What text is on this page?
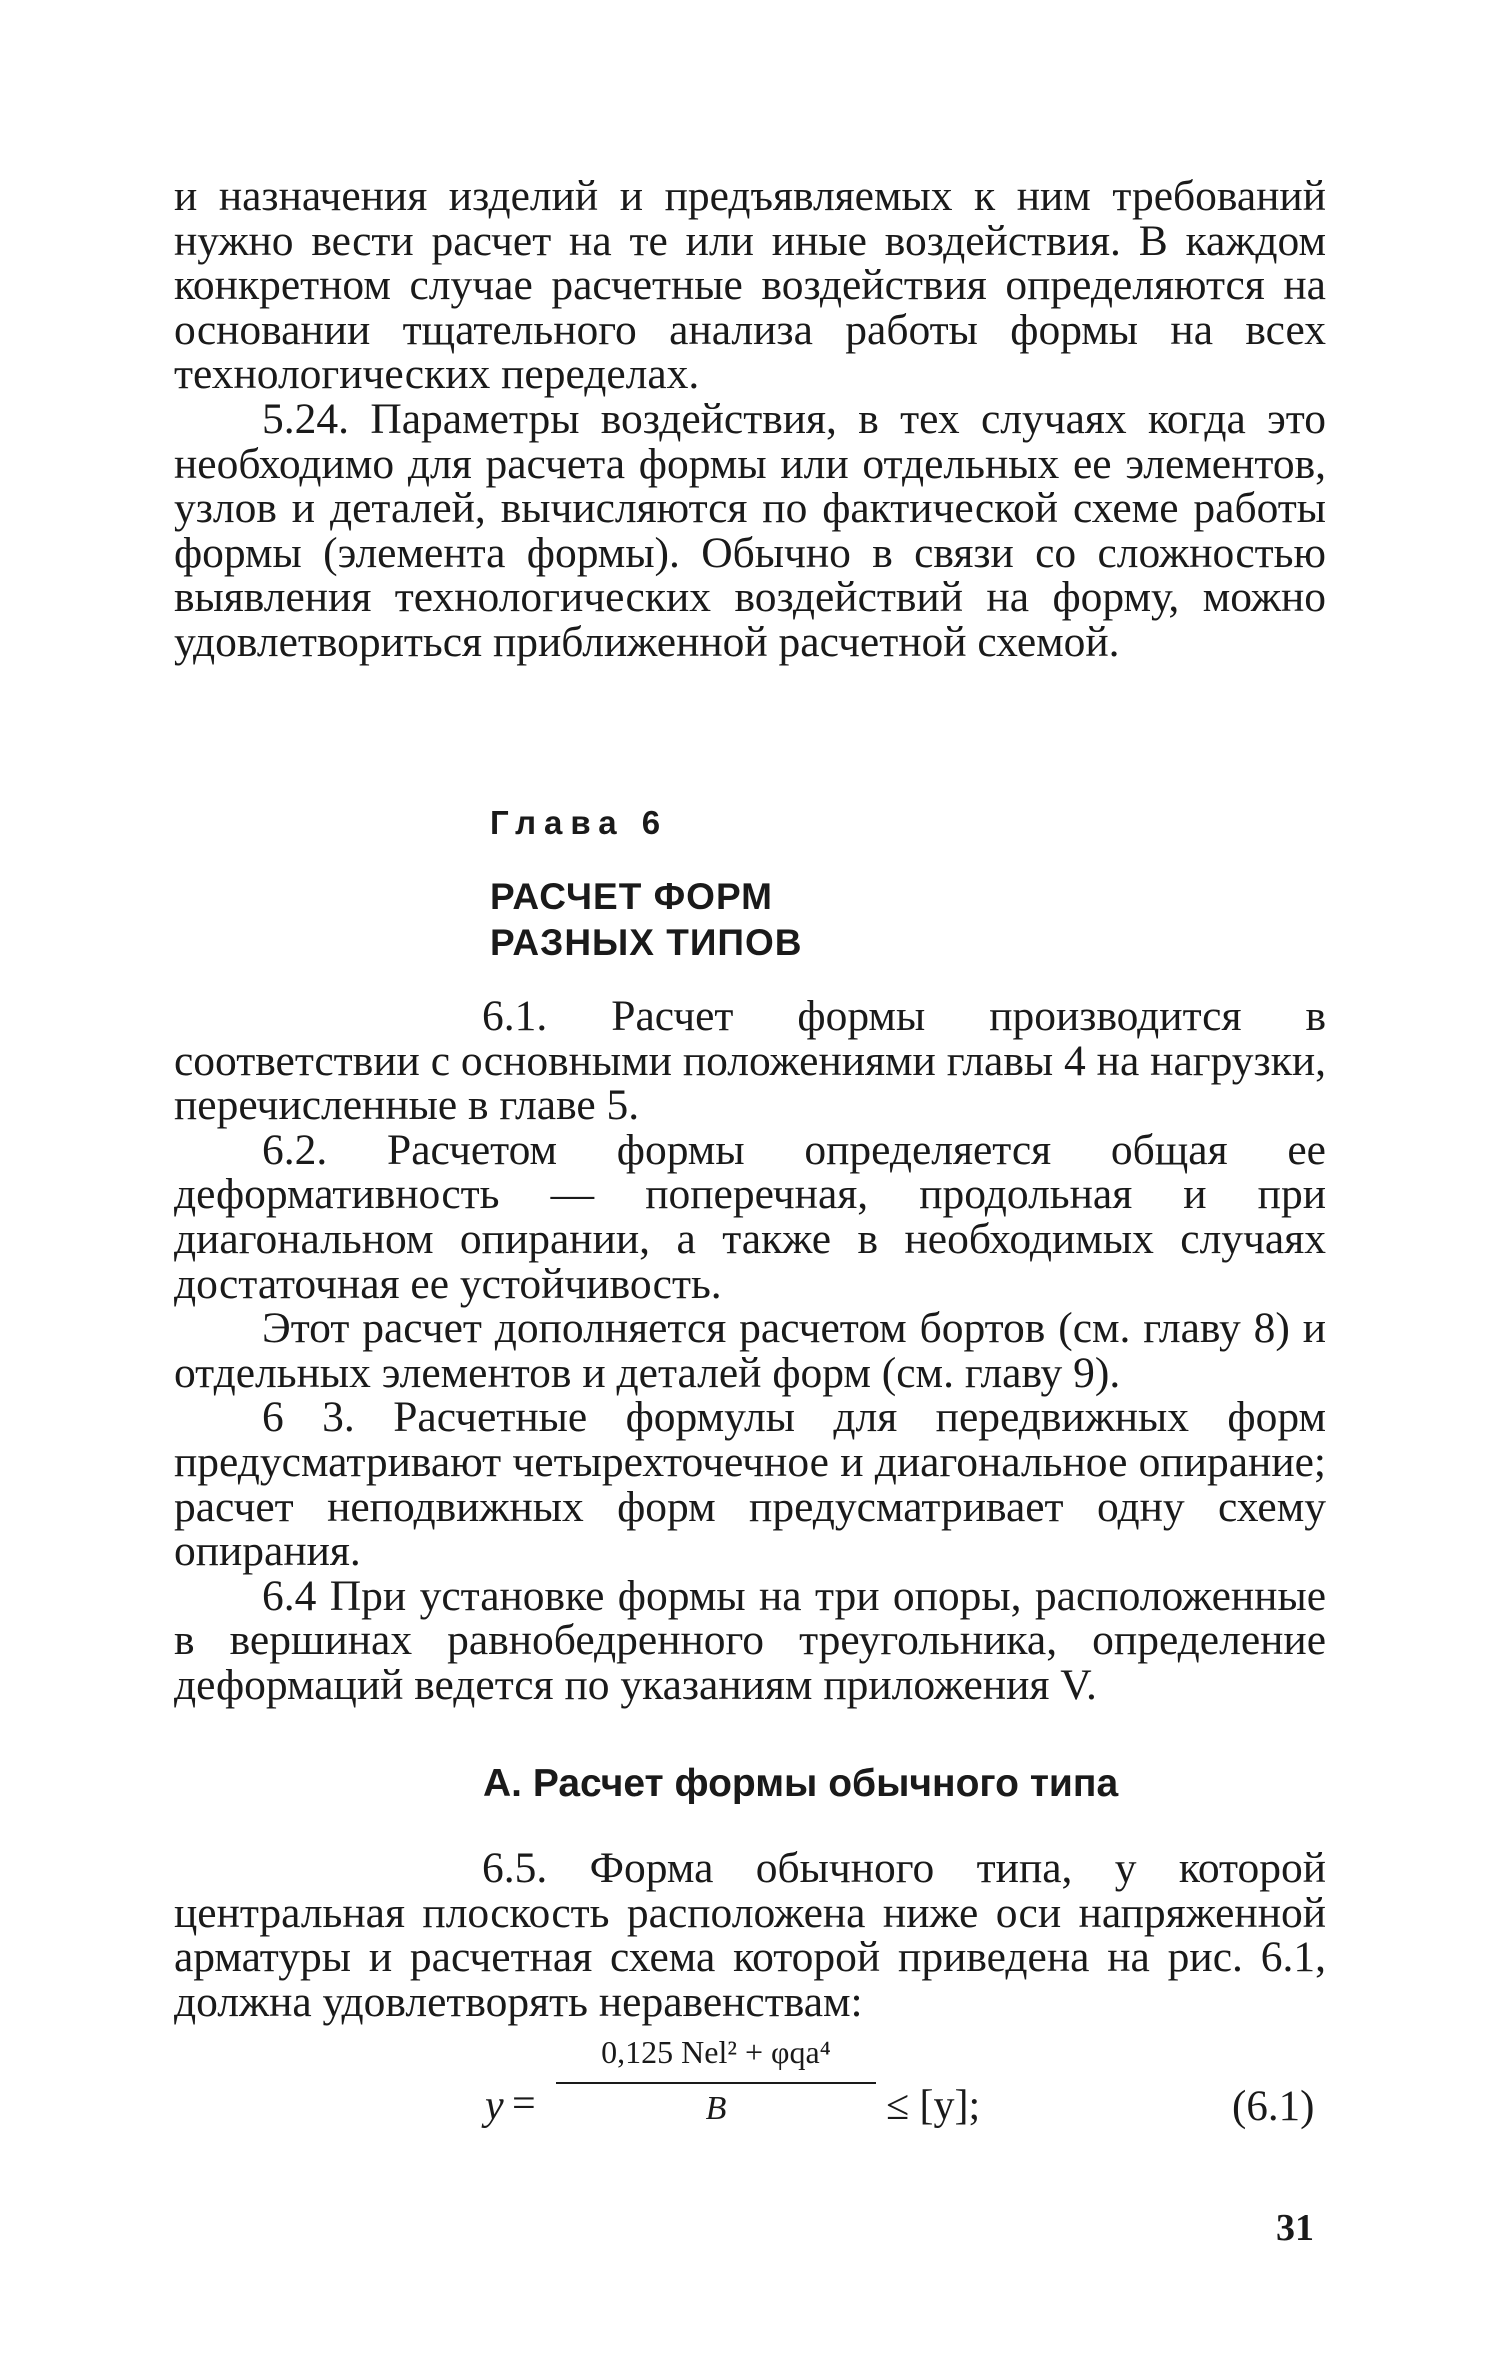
и назначения изделий и предъявляемых к ним требований нужно вести расчет на те или иные воздействия. В каждом конкретном случае расчетные воздействия определяются на основании тщательного анализа работы формы на всех технологических переделах.

5.24. Параметры воздействия, в тех случаях когда это необходимо для расчета формы или отдельных ее элементов, узлов и деталей, вычисляются по фактической схеме работы формы (элемента формы). Обычно в связи со сложностью выявления технологических воздействий на форму, можно удовлетвориться приближенной расчетной схемой.

Глава 6
РАСЧЕТ ФОРМ
РАЗНЫХ ТИПОВ

6.1. Расчет формы производится в соответствии с основными положениями главы 4 на нагрузки, перечисленные в главе 5.

6.2. Расчетом формы определяется общая ее деформативность — поперечная, продольная и при диагональном опирании, а также в необходимых случаях достаточная ее устойчивость.

Этот расчет дополняется расчетом бортов (см. главу 8) и отдельных элементов и деталей форм (см. главу 9).

6 3. Расчетные формулы для передвижных форм предусматривают четырехточечное и диагональное опирание; расчет неподвижных форм предусматривает одну схему опирания.

6.4 При установке формы на три опоры, расположенные в вершинах равнобедренного треугольника, определение деформаций ведется по указаниям приложения V.

А. Расчет формы обычного типа

6.5. Форма обычного типа, у которой центральная плоскость расположена ниже оси напряженной арматуры и расчетная схема которой приведена на рис. 6.1, должна удовлетворять неравенствам:

y =
0,125 Nel² + φqa⁴
B	≤ [y];	(6.1)
31
